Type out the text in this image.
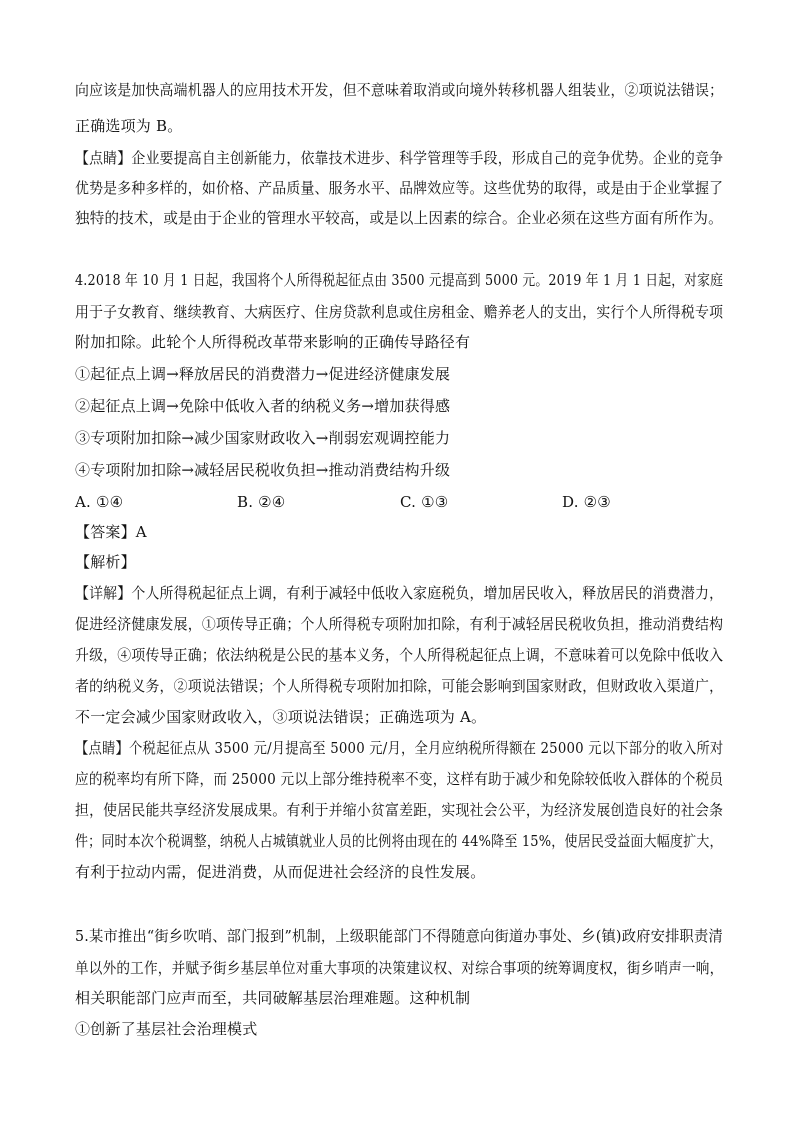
向应该是加快高端机器人的应用技术开发，但不意味着取消或向境外转移机器人组装业，②项说法错误；
正确选项为 B。
【点睛】企业要提高自主创新能力，依靠技术进步、科学管理等手段，形成自己的竞争优势。企业的竞争
优势是多种多样的，如价格、产品质量、服务水平、品牌效应等。这些优势的取得，或是由于企业掌握了
独特的技术，或是由于企业的管理水平较高，或是以上因素的综合。企业必须在这些方面有所作为。
4.2018 年 10 月 1 日起，我国将个人所得税起征点由 3500 元提高到 5000 元。2019 年 1 月 1 日起，对家庭
用于子女教育、继续教育、大病医疗、住房贷款利息或住房租金、赡养老人的支出，实行个人所得税专项
附加扣除。此轮个人所得税改革带来影响的正确传导路径有
①起征点上调→释放居民的消费潜力→促进经济健康发展
②起征点上调→免除中低收入者的纳税义务→增加获得感
③专项附加扣除→减少国家财政收入→削弱宏观调控能力
④专项附加扣除→减轻居民税收负担→推动消费结构升级
A. ①④	B. ②④	C. ①③	D. ②③
【答案】A
【解析】
【详解】个人所得税起征点上调，有利于减轻中低收入家庭税负，增加居民收入，释放居民的消费潜力，
促进经济健康发展，①项传导正确；个人所得税专项附加扣除，有利于减轻居民税收负担，推动消费结构
升级，④项传导正确；依法纳税是公民的基本义务，个人所得税起征点上调，不意味着可以免除中低收入
者的纳税义务，②项说法错误；个人所得税专项附加扣除，可能会影响到国家财政，但财政收入渠道广，
不一定会减少国家财政收入，③项说法错误；正确选项为 A。
【点睛】个税起征点从 3500 元/月提高至 5000 元/月，全月应纳税所得额在 25000 元以下部分的收入所对
应的税率均有所下降，而 25000 元以上部分维持税率不变，这样有助于减少和免除较低收入群体的个税员
担，使居民能共享经济发展成果。有利于并缩小贫富差距，实现社会公平，为经济发展创造良好的社会条
件；同时本次个税调整，纳税人占城镇就业人员的比例将由现在的 44%降至 15%，使居民受益面大幅度扩大，
有利于拉动内需，促进消费，从而促进社会经济的良性发展。
5.某市推出“街乡吹哨、部门报到”机制，上级职能部门不得随意向街道办事处、乡(镇)政府安排职责清
单以外的工作，并赋予街乡基层单位对重大事项的决策建议权、对综合事项的统筹调度权，街乡哨声一响，
相关职能部门应声而至，共同破解基层治理难题。这种机制
①创新了基层社会治理模式
